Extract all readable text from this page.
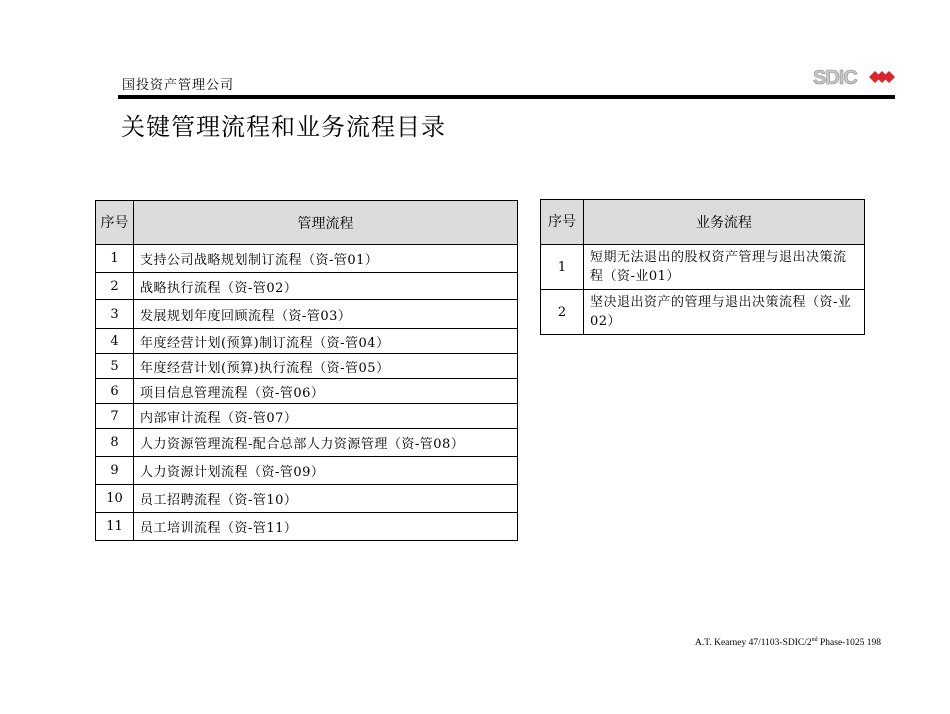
国投资产管理公司	SDIC
关键管理流程和业务流程目录
序号	管理流程
1	支持公司战略规划制订流程（资-管01）
2	战略执行流程（资-管02）
3	发展规划年度回顾流程（资-管03）
4	年度经营计划(预算)制订流程（资-管04）
5	年度经营计划(预算)执行流程（资-管05）
6	项目信息管理流程（资-管06）
7	内部审计流程（资-管07）
8	人力资源管理流程-配合总部人力资源管理（资-管08）
9	人力资源计划流程（资-管09）
10	员工招聘流程（资-管10）
11	员工培训流程（资-管11）
序号	业务流程
1	短期无法退出的股权资产管理与退出决策流程（资-业01）
2	坚决退出资产的管理与退出决策流程（资-业02）
A.T. Kearney 47/1103-SDIC/2nd Phase-1025 198
